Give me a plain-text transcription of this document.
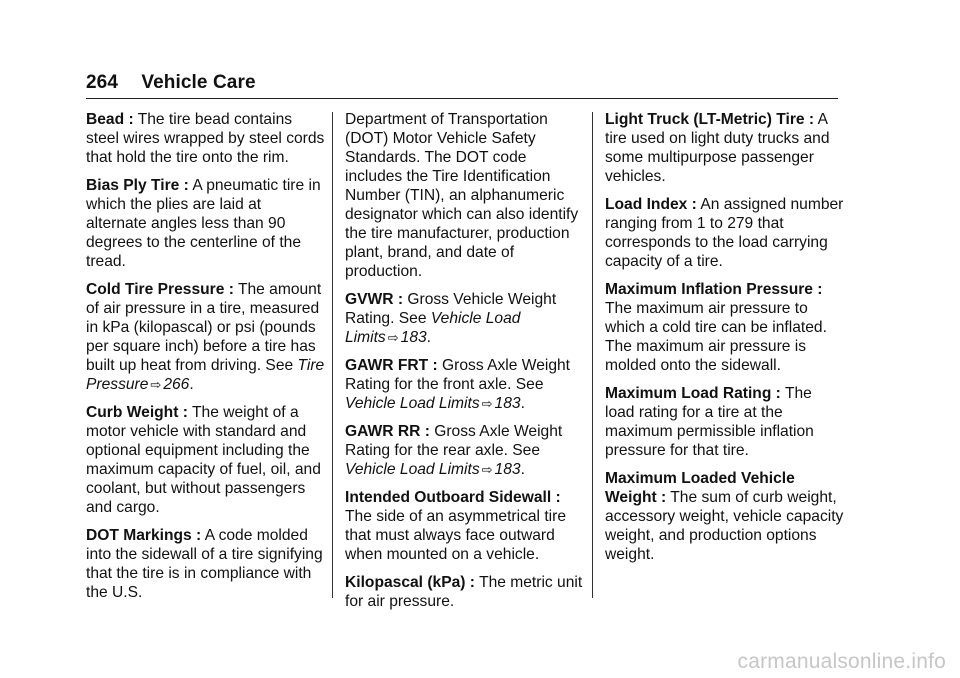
264 Vehicle Care

Bead : The tire bead contains steel wires wrapped by steel cords that hold the tire onto the rim.

Bias Ply Tire : A pneumatic tire in which the plies are laid at alternate angles less than 90 degrees to the centerline of the tread.

Cold Tire Pressure : The amount of air pressure in a tire, measured in kPa (kilopascal) or psi (pounds per square inch) before a tire has built up heat from driving. See Tire Pressure ⇨ 266.

Curb Weight : The weight of a motor vehicle with standard and optional equipment including the maximum capacity of fuel, oil, and coolant, but without passengers and cargo.

DOT Markings : A code molded into the sidewall of a tire signifying that the tire is in compliance with the U.S.

Department of Transportation (DOT) Motor Vehicle Safety Standards. The DOT code includes the Tire Identification Number (TIN), an alphanumeric designator which can also identify the tire manufacturer, production plant, brand, and date of production.

GVWR : Gross Vehicle Weight Rating. See Vehicle Load Limits ⇨ 183.

GAWR FRT : Gross Axle Weight Rating for the front axle. See Vehicle Load Limits ⇨ 183.

GAWR RR : Gross Axle Weight Rating for the rear axle. See Vehicle Load Limits ⇨ 183.

Intended Outboard Sidewall : The side of an asymmetrical tire that must always face outward when mounted on a vehicle.

Kilopascal (kPa) : The metric unit for air pressure.

Light Truck (LT-Metric) Tire : A tire used on light duty trucks and some multipurpose passenger vehicles.

Load Index : An assigned number ranging from 1 to 279 that corresponds to the load carrying capacity of a tire.

Maximum Inflation Pressure : The maximum air pressure to which a cold tire can be inflated. The maximum air pressure is molded onto the sidewall.

Maximum Load Rating : The load rating for a tire at the maximum permissible inflation pressure for that tire.

Maximum Loaded Vehicle Weight : The sum of curb weight, accessory weight, vehicle capacity weight, and production options weight.

carmanualsonline.info
